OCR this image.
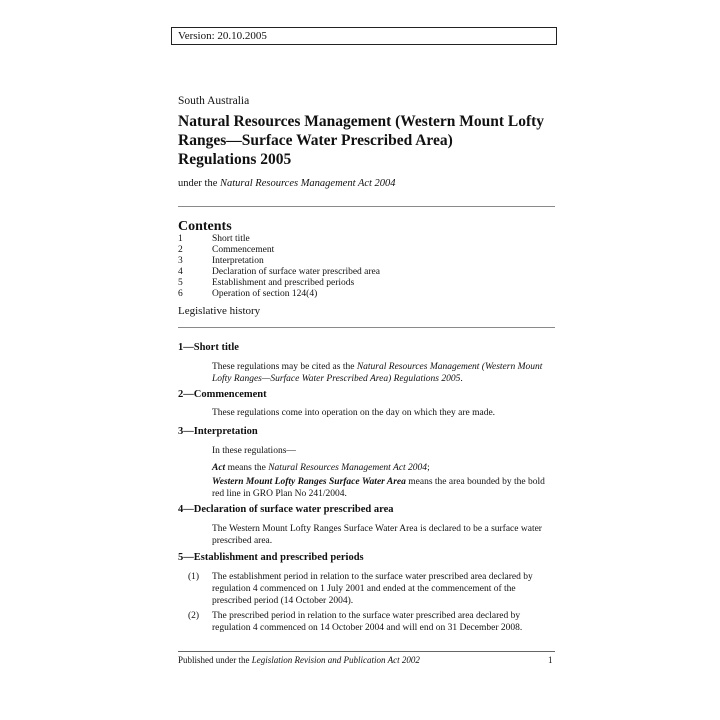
Version: 20.10.2005
South Australia
Natural Resources Management (Western Mount Lofty
Ranges—Surface Water Prescribed Area)
Regulations 2005
under the Natural Resources Management Act 2004
Contents
1	Short title
2	Commencement
3	Interpretation
4	Declaration of surface water prescribed area
5	Establishment and prescribed periods
6	Operation of section 124(4)
Legislative history
1—Short title
These regulations may be cited as the Natural Resources Management (Western Mount Lofty Ranges—Surface Water Prescribed Area) Regulations 2005.
2—Commencement
These regulations come into operation on the day on which they are made.
3—Interpretation
In these regulations—
Act means the Natural Resources Management Act 2004;
Western Mount Lofty Ranges Surface Water Area means the area bounded by the bold red line in GRO Plan No 241/2004.
4—Declaration of surface water prescribed area
The Western Mount Lofty Ranges Surface Water Area is declared to be a surface water prescribed area.
5—Establishment and prescribed periods
(1) The establishment period in relation to the surface water prescribed area declared by regulation 4 commenced on 1 July 2001 and ended at the commencement of the prescribed period (14 October 2004).
(2) The prescribed period in relation to the surface water prescribed area declared by regulation 4 commenced on 14 October 2004 and will end on 31 December 2008.
Published under the Legislation Revision and Publication Act 2002	1
